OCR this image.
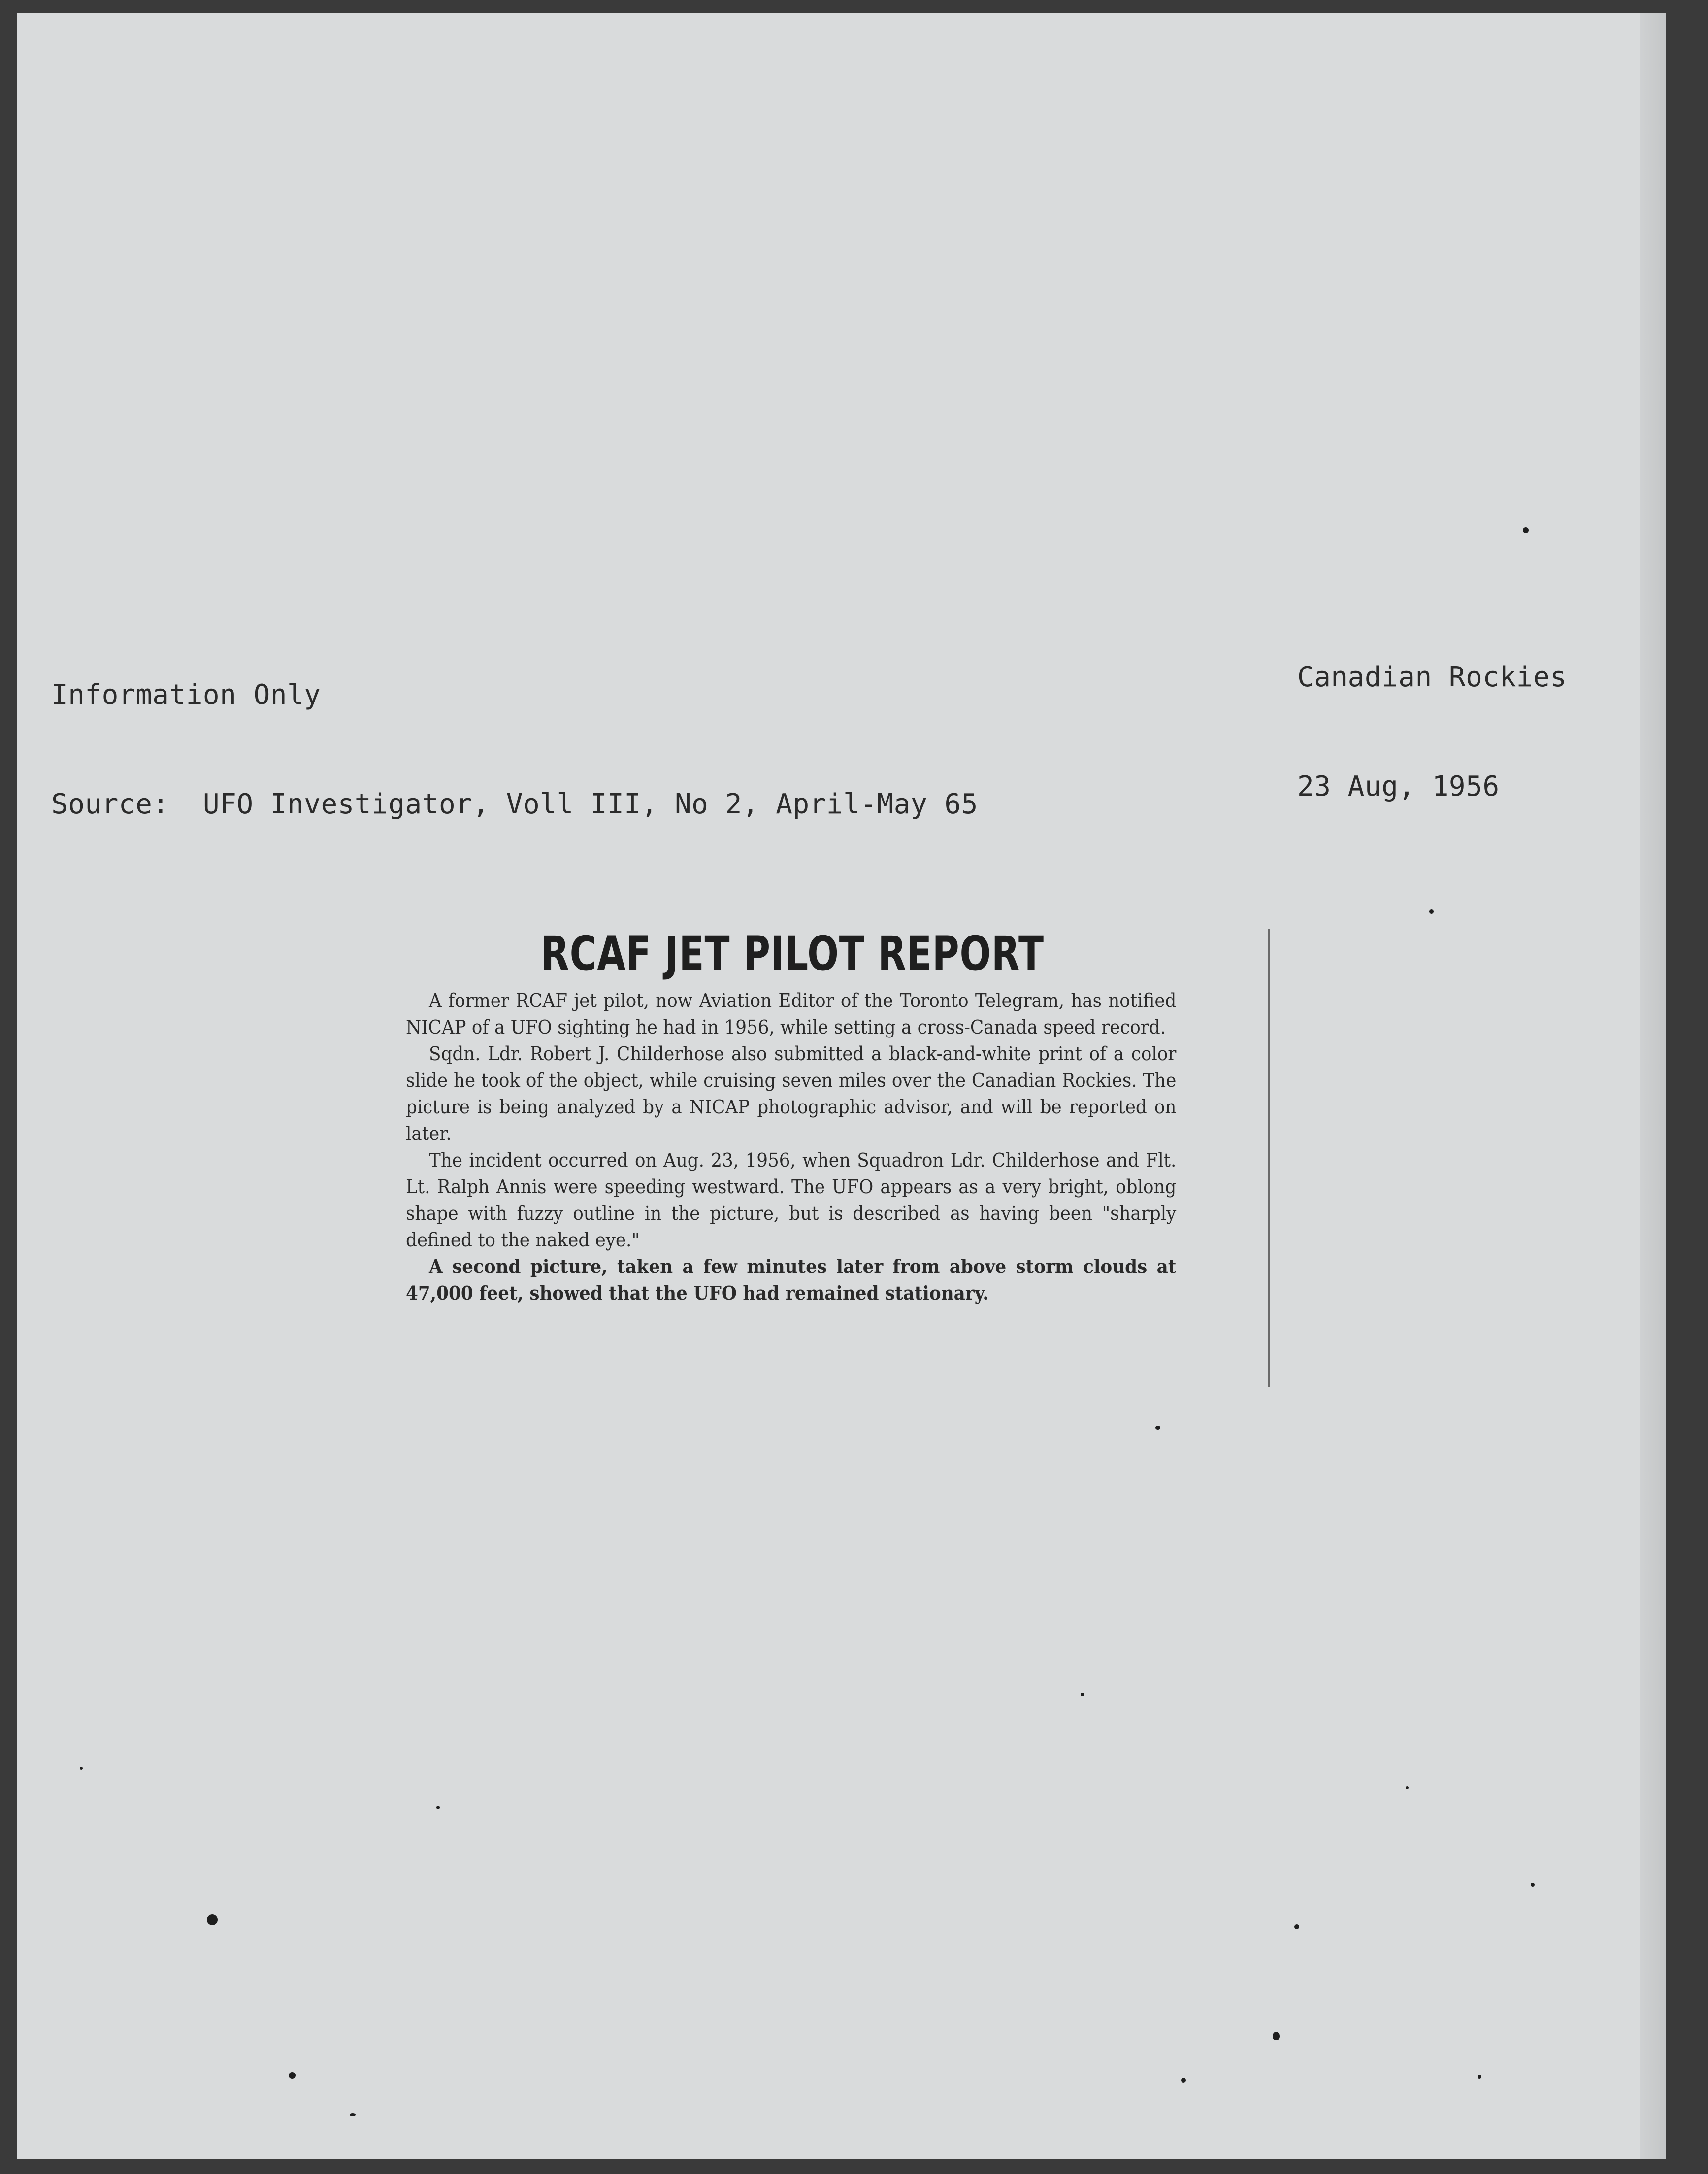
Information Only

Source:  UFO Investigator, Voll III, No 2, April-May 65

Canadian Rockies

23 Aug, 1956

RCAF JET PILOT REPORT

A former RCAF jet pilot, now Aviation Editor of the Toronto Telegram, has notified NICAP of a UFO sighting he had in 1956, while setting a cross-Canada speed record.

Sqdn. Ldr. Robert J. Childerhose also submitted a black-and-white print of a color slide he took of the object, while cruising seven miles over the Canadian Rockies. The picture is being analyzed by a NICAP photographic advisor, and will be reported on later.

The incident occurred on Aug. 23, 1956, when Squadron Ldr. Childerhose and Flt. Lt. Ralph Annis were speeding westward. The UFO appears as a very bright, oblong shape with fuzzy outline in the picture, but is described as having been "sharply defined to the naked eye."

A second picture, taken a few minutes later from above storm clouds at 47,000 feet, showed that the UFO had remained stationary.
